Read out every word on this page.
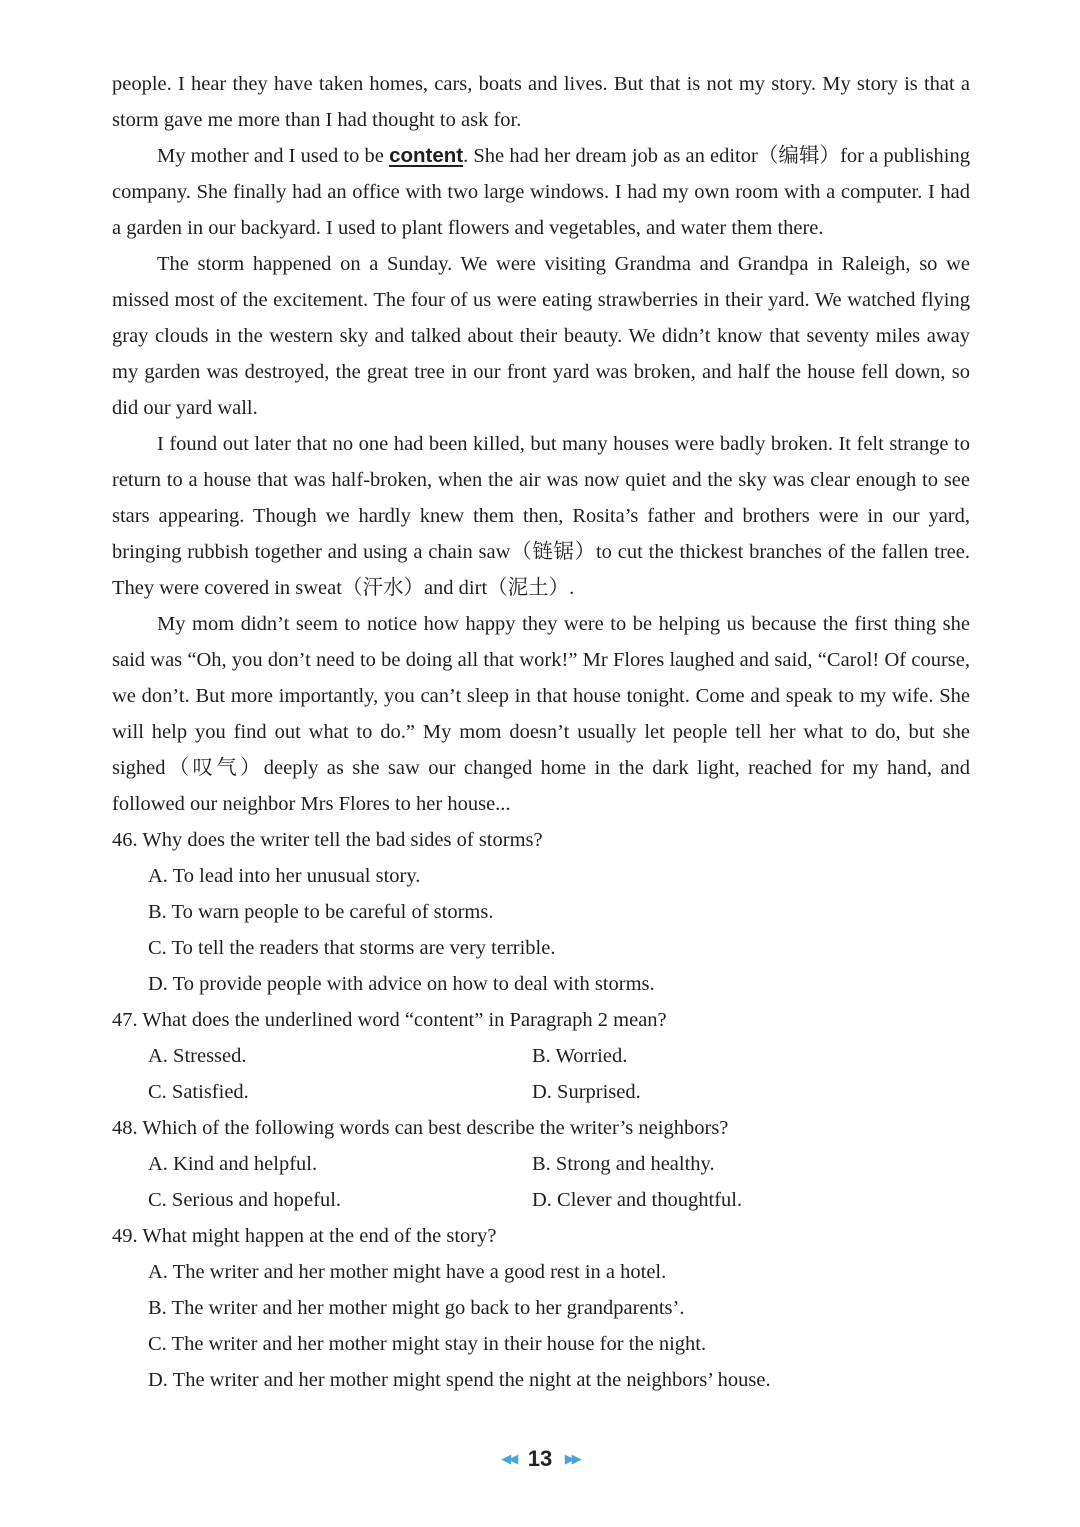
people. I hear they have taken homes, cars, boats and lives. But that is not my story. My story is that a storm gave me more than I had thought to ask for.

My mother and I used to be content. She had her dream job as an editor（编辑）for a publishing company. She finally had an office with two large windows. I had my own room with a computer. I had a garden in our backyard. I used to plant flowers and vegetables, and water them there.

The storm happened on a Sunday. We were visiting Grandma and Grandpa in Raleigh, so we missed most of the excitement. The four of us were eating strawberries in their yard. We watched flying gray clouds in the western sky and talked about their beauty. We didn’t know that seventy miles away my garden was destroyed, the great tree in our front yard was broken, and half the house fell down, so did our yard wall.

I found out later that no one had been killed, but many houses were badly broken. It felt strange to return to a house that was half-broken, when the air was now quiet and the sky was clear enough to see stars appearing. Though we hardly knew them then, Rosita’s father and brothers were in our yard, bringing rubbish together and using a chain saw（链锯）to cut the thickest branches of the fallen tree. They were covered in sweat（汗水）and dirt（泥土）.

My mom didn’t seem to notice how happy they were to be helping us because the first thing she said was “Oh, you don’t need to be doing all that work!” Mr Flores laughed and said, “Carol! Of course, we don’t. But more importantly, you can’t sleep in that house tonight. Come and speak to my wife. She will help you find out what to do.” My mom doesn’t usually let people tell her what to do, but she sighed（叹气）deeply as she saw our changed home in the dark light, reached for my hand, and followed our neighbor Mrs Flores to her house...

46. Why does the writer tell the bad sides of storms?

A. To lead into her unusual story.

B. To warn people to be careful of storms.

C. To tell the readers that storms are very terrible.

D. To provide people with advice on how to deal with storms.

47. What does the underlined word “content” in Paragraph 2 mean?

A. Stressed.	B. Worried.
C. Satisfied.	D. Surprised.

48. Which of the following words can best describe the writer’s neighbors?

A. Kind and helpful.	B. Strong and healthy.
C. Serious and hopeful.	D. Clever and thoughtful.

49. What might happen at the end of the story?

A. The writer and her mother might have a good rest in a hotel.

B. The writer and her mother might go back to her grandparents’.

C. The writer and her mother might stay in their house for the night.

D. The writer and her mother might spend the night at the neighbors’ house.

◀◀ 13 ▶▶
